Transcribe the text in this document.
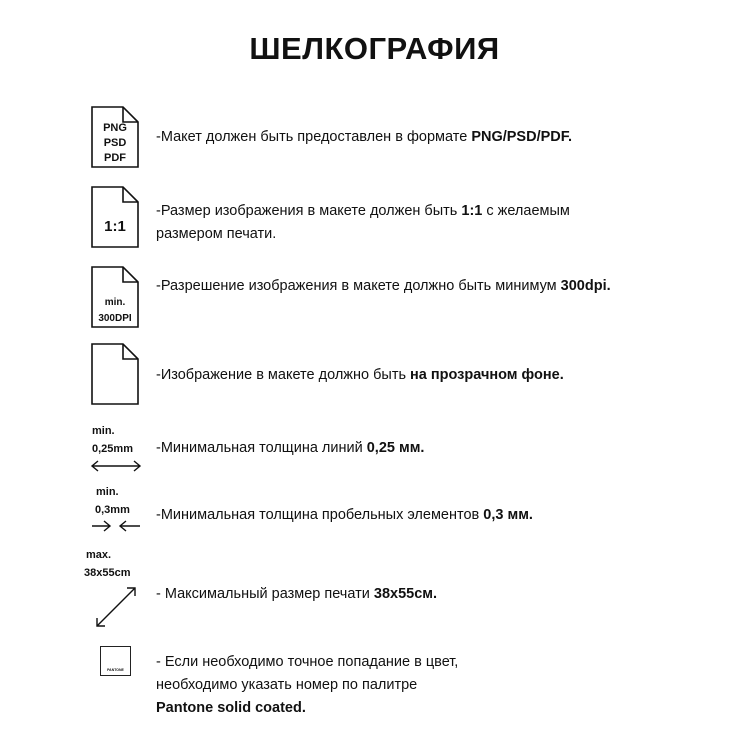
ШЕЛКОГРАФИЯ
PNG
PSD
PDF
-Макет должен быть предоставлен в формате PNG/PSD/PDF.
1:1
-Размер изображения в макете должен быть 1:1 с желаемым размером печати.
min.
300DPI
-Разрешение изображения в макете должно быть минимум 300dpi.
-Изображение в макете должно быть на прозрачном фоне.
min.
0,25mm -Минимальная толщина линий 0,25 мм.
min.
0,3mm -Минимальная толщина пробельных элементов 0,3 мм.
max.
38x55cm
- Максимальный размер печати 38x55см.
PANTONE	- Если необходимо точное попадание в цвет, необходимо указать номер по палитре Pantone solid coated.
